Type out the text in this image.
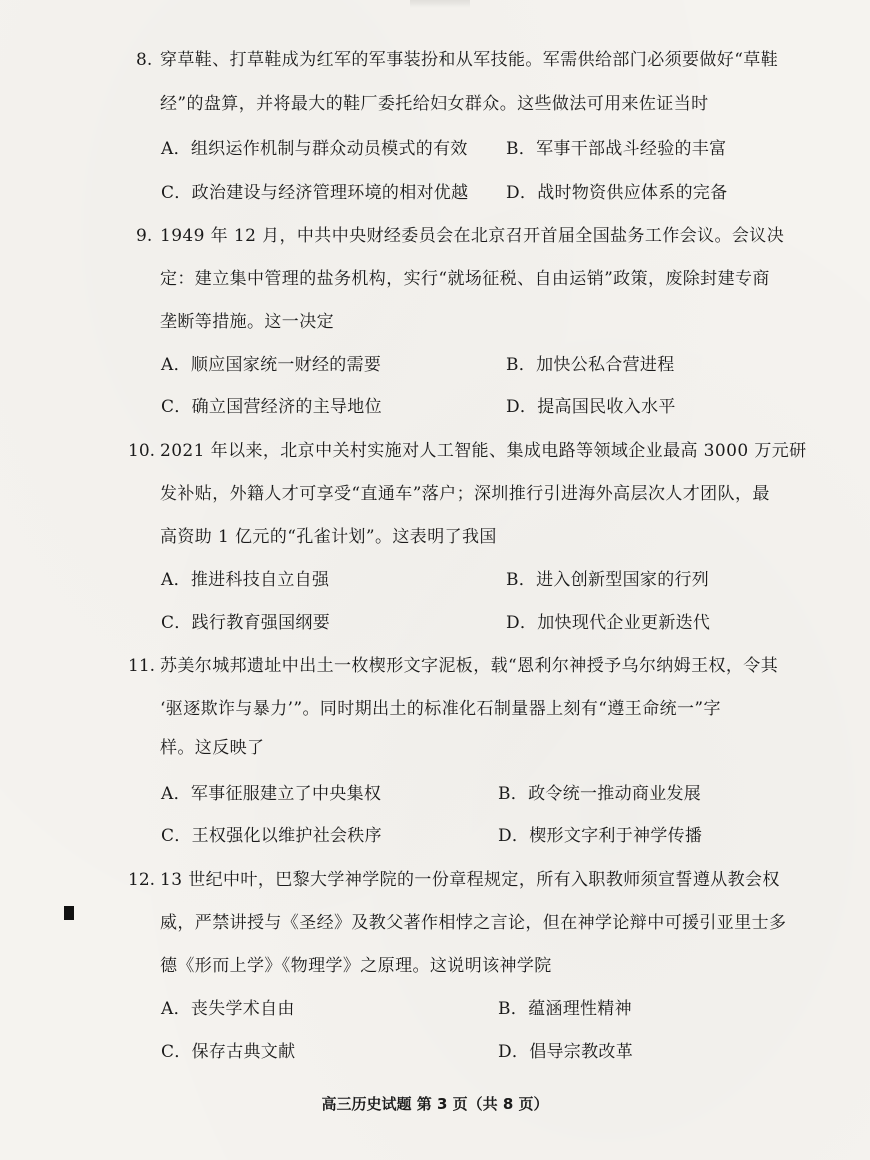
8. 穿草鞋、打草鞋成为红军的军事装扮和从军技能。军需供给部门必须要做好“草鞋
经”的盘算，并将最大的鞋厂委托给妇女群众。这些做法可用来佐证当时
A．组织运作机制与群众动员模式的有效 B．军事干部战斗经验的丰富
C．政治建设与经济管理环境的相对优越 D．战时物资供应体系的完备
9. 1949 年 12 月，中共中央财经委员会在北京召开首届全国盐务工作会议。会议决
定：建立集中管理的盐务机构，实行“就场征税、自由运销”政策，废除封建专商
垄断等措施。这一决定
A．顺应国家统一财经的需要	B．加快公私合营进程
C．确立国营经济的主导地位	D．提高国民收入水平
10. 2021 年以来，北京中关村实施对人工智能、集成电路等领域企业最高 3000 万元研
发补贴，外籍人才可享受“直通车”落户；深圳推行引进海外高层次人才团队，最
高资助 1 亿元的“孔雀计划”。这表明了我国
A．推进科技自立自强	B．进入创新型国家的行列
C．践行教育强国纲要	D．加快现代企业更新迭代
11. 苏美尔城邦遗址中出土一枚楔形文字泥板，载“恩利尔神授予乌尔纳姆王权，令其
‘驱逐欺诈与暴力’”。同时期出土的标准化石制量器上刻有“遵王命统一”字
样。这反映了
A．军事征服建立了中央集权	B．政令统一推动商业发展
C．王权强化以维护社会秩序	D．楔形文字利于神学传播
12. 13 世纪中叶，巴黎大学神学院的一份章程规定，所有入职教师须宣誓遵从教会权
威，严禁讲授与《圣经》及教父著作相悖之言论，但在神学论辩中可援引亚里士多
德《形而上学》《物理学》之原理。这说明该神学院
A．丧失学术自由	B．蕴涵理性精神
C．保存古典文献	D．倡导宗教改革
高三历史试题 第 3 页（共 8 页）
